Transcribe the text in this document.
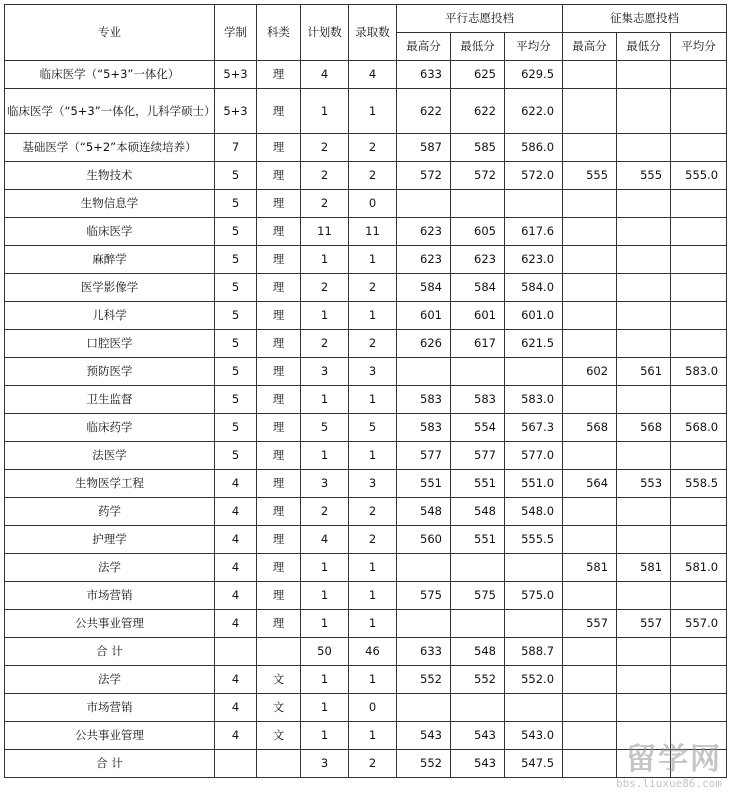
专业	学制	科类	计划数	录取数	平行志愿投档			征集志愿投档		
					最高分	最低分	平均分	最高分	最低分	平均分
临床医学（“5+3”一体化）	5+3	理	4	4	633	625	629.5			
临床医学（“5+3”一体化，儿科学硕士）	5+3	理	1	1	622	622	622.0			
基础医学（“5+2”本硕连续培养）	7	理	2	2	587	585	586.0			
生物技术	5	理	2	2	572	572	572.0	555	555	555.0
生物信息学	5	理	2	0						
临床医学	5	理	11	11	623	605	617.6			
麻醉学	5	理	1	1	623	623	623.0			
医学影像学	5	理	2	2	584	584	584.0			
儿科学	5	理	1	1	601	601	601.0			
口腔医学	5	理	2	2	626	617	621.5			
预防医学	5	理	3	3				602	561	583.0
卫生监督	5	理	1	1	583	583	583.0			
临床药学	5	理	5	5	583	554	567.3	568	568	568.0
法医学	5	理	1	1	577	577	577.0			
生物医学工程	4	理	3	3	551	551	551.0	564	553	558.5
药学	4	理	2	2	548	548	548.0			
护理学	4	理	4	2	560	551	555.5			
法学	4	理	1	1				581	581	581.0
市场营销	4	理	1	1	575	575	575.0			
公共事业管理	4	理	1	1				557	557	557.0
合 计			50	46	633	548	588.7			
法学	4	文	1	1	552	552	552.0			
市场营销	4	文	1	0						
公共事业管理	4	文	1	1	543	543	543.0			
合 计			3	2	552	543	547.5				留学网
bbs.liuxue86.com
